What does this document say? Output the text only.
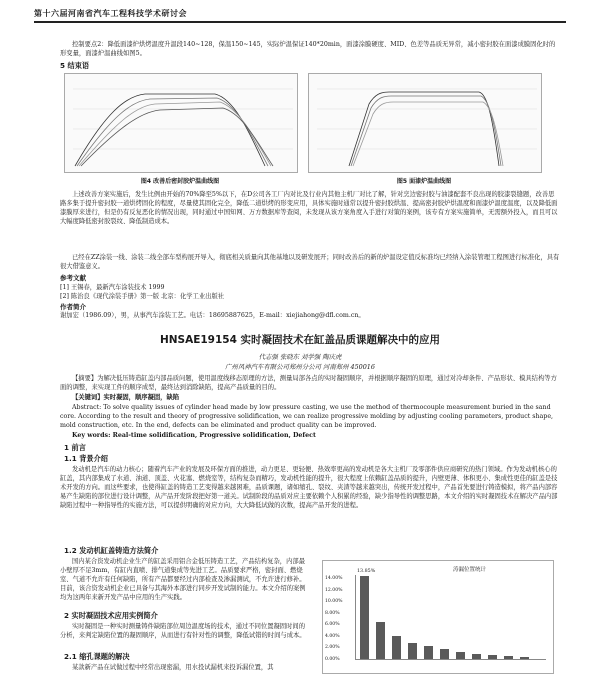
第十六届河南省汽车工程科技学术研讨会

控制要点2：降低面漆炉烘烤温度升温段140~128，保温150~145，实际炉温保证140*20min，面漆涂膜硬度、MID、色差等品质无异常，减小密封胶在面漆成膜固化时的形变量，面漆炉温曲线如图5。

5 结束语
图4 改善后密封胶炉温曲线图	图5 面漆炉温曲线图

上述改善方案实施后，发生比例由开始的70%降至5%以下，在D公司各工厂内对比及行业内其他主机厂对比了解，针对烹边密封胶与油漆配套不良出现的胶漆裂缝题，改善思路多集于提升密封胶一道烘烤固化的程度，尽量使其固化完全，降低二道烘烤的形变应用，具体实施时通常以提升密封胶烘温、提高密封胶炉烘温度和面漆炉温度温度，以及降低面漆膜厚来进行，但是仍有反复恶化的情况出现，同时通过中国知网、万方数据库等查阅，未发现从该方案角度入手进行对策的案例，该专有方案实施简单，无需额外投入，而且可以大幅度降低密封胶裂纹、降低制造成本。

已经在ZZ涂装一线、涂装二线全部车型构展开导入，彻底相关质量向其他基地以及研发展开；同时改善后的新的炉温设定值反标准均已经纳入涂装管理工程图进行标准化，具有很大借鉴意义。

参考文献
[1] 王锡春，最新汽车涂装技术 1999
[2] 陈治良《现代涂装手册》第一版 北京：化学工业出版社
作者简介
谢加宏（1986.09），男，从事汽车涂装工艺。电话：18695887625，E-mail：xiejiahong@dfl.com.cn。
HNSAE19154 实时凝固技术在缸盖品质课题解决中的应用
代志强 张晓东 刘学强 陶庆虎
广州风神汽车有限公司郑州分公司 河南郑州 450016

【摘要】为解决低压铸造缸盖内部品质问题，使用温度线移态原理的方法，测量局部各点的实时凝固顺序，并根据顺序凝固的原理，通过对冷却条件、产品形状、模具结构等方面的调整，来实现工件的顺序成型，最终达到消除缺陷，提高产品质量的目的。

【关键词】实时凝固，顺序凝固，缺陷

Abstract: To solve quality issues of cylinder head made by low pressure casting, we use the method of thermocouple measurement buried in the sand core. According to the result and theory of progressive solidification, we can realize progressive molding by adjusting cooling parameters, product shape, mold construction, etc. In the end, defects can be eliminated and product quality can be improved.

Key words: Real-time solidification, Progressive solidification, Defect
1 前言
1.1 背景介绍

发动机是汽车的动力核心；随着汽车产业的发展及环保方面的推进，动力更足、更轻便、热效率更高的发动机是各大主机厂及零部件供应商研究的热门领域。作为发动机核心的缸盖，其内部集成了水道、油道、顶盖、火花塞、燃烧室等，结构复杂而精巧，发动机性能的提升，很大程度上依赖缸盖品质的提升，内壁更薄、体积更小、集成性更佳的缸盖是技术开发的方向。而这些要求，也使得缸盖的铸造工艺变得越来越困难，品质课题，诸如缩孔、裂纹、夹渣等越来越突出，传统开发过程中，产品首先要进行铸造模拟，将产品内部容易产生缺陷的部位进行设计调整，从产品开发阶段把好第一道关。试制阶段的品质对应主要依赖个人积累的经验，缺少指导性的调整思路，本文介绍的实时凝固技术在解决产品内部缺陷过程中一种指导性的实施方法，可以提供明确的对应方向，大大降低试做的次数，提高产品开发的进程。

1.2 发动机缸盖铸造方法简介

国内某合资发动机企业生产的缸盖采用铝合金低压铸造工艺，产品结构复杂，内部最小壁厚不足3mm，有缸内直喷、排气道集成等先进工艺。品质要求严格，密封面、燃烧室、气道不允许有任何缺陷，所有产品都要经过内部检查及渗漏测试，不允许进行修补。目前，该合资发动机企业已具备与其海外本部进行同步开发试制的能力。本文介绍的案例均为这两年来新开发产品中应用的生产实践。

2 实时凝固技术应用实例简介

实时凝固是一种实时测量铸件缺陷部位周边温度场的技术，通过不同位置凝固时间的分析，来判定缺陷位置的凝固顺序，从而进行有针对性的调整，降低试错的时间与成本。

2.1 缩孔课题的解决

某款新产品在试做过程中经常出现密漏，用水投试漏机来投诉漏位置，其

涛漏位置统计
14.00%
12.00%
10.00%
8.00%
6.00%
4.00%
2.00%
0.00%
13.85%
